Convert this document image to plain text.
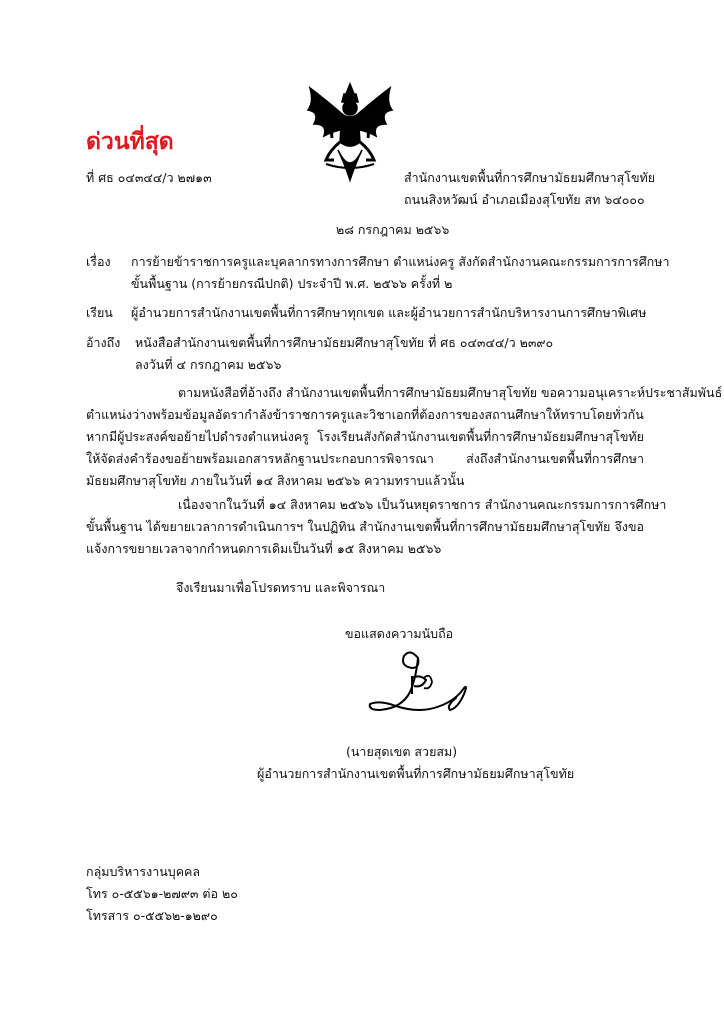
ด่วนที่สุด
ที่ ศธ ๐๔๓๔๔/ว ๒๗๑๓	สำนักงานเขตพื้นที่การศึกษามัธยมศึกษาสุโขทัย
ถนนสิงหวัฒน์ อำเภอเมืองสุโขทัย สท ๖๔๐๐๐
๒๘ กรกฎาคม ๒๕๖๖
เรื่อง การย้ายข้าราชการครูและบุคลากรทางการศึกษา ตำแหน่งครู สังกัดสำนักงานคณะกรรมการการศึกษา
ขั้นพื้นฐาน (การย้ายกรณีปกติ) ประจำปี พ.ศ. ๒๕๖๖ ครั้งที่ ๒
เรียน ผู้อำนวยการสำนักงานเขตพื้นที่การศึกษาทุกเขต และผู้อำนวยการสำนักบริหารงานการศึกษาพิเศษ
อ้างถึง หนังสือสำนักงานเขตพื้นที่การศึกษามัธยมศึกษาสุโขทัย ที่ ศธ ๐๔๓๔๔/ว ๒๓๙๐
ลงวันที่ ๔ กรกฎาคม ๒๕๖๖
ตามหนังสือที่อ้างถึง สำนักงานเขตพื้นที่การศึกษามัธยมศึกษาสุโขทัย ขอความอนุเคราะห์ประชาสัมพันธ์
ตำแหน่งว่างพร้อมข้อมูลอัตรากำลังข้าราชการครูและวิชาเอกที่ต้องการของสถานศึกษาให้ทราบโดยทั่วกัน หากมีผู้ประสงค์ขอย้ายไปดำรงตำแหน่งครู โรงเรียนสังกัดสำนักงานเขตพื้นที่การศึกษามัธยมศึกษาสุโขทัย ให้จัดส่งคำร้องขอย้ายพร้อมเอกสารหลักฐานประกอบการพิจารณา ส่งถึงสำนักงานเขตพื้นที่การศึกษามัธยมศึกษาสุโขทัย ภายในวันที่ ๑๔ สิงหาคม ๒๕๖๖ ความทราบแล้วนั้น
เนื่องจากในวันที่ ๑๔ สิงหาคม ๒๕๖๖ เป็นวันหยุดราชการ สำนักงานคณะกรรมการการศึกษา
ขั้นพื้นฐาน ได้ขยายเวลาการดำเนินการฯ ในปฏิทิน สำนักงานเขตพื้นที่การศึกษามัธยมศึกษาสุโขทัย จึงขอแจ้งการขยายเวลาจากกำหนดการเดิมเป็นวันที่ ๑๕ สิงหาคม ๒๕๖๖
จึงเรียนมาเพื่อโปรดทราบ และพิจารณา
ขอแสดงความนับถือ
(นายสุดเขต สวยสม)
ผู้อำนวยการสำนักงานเขตพื้นที่การศึกษามัธยมศึกษาสุโขทัย
กลุ่มบริหารงานบุคคล
โทร ๐-๕๕๖๑-๒๗๙๓ ต่อ ๒๐
โทรสาร ๐-๕๕๖๒-๑๒๙๐
